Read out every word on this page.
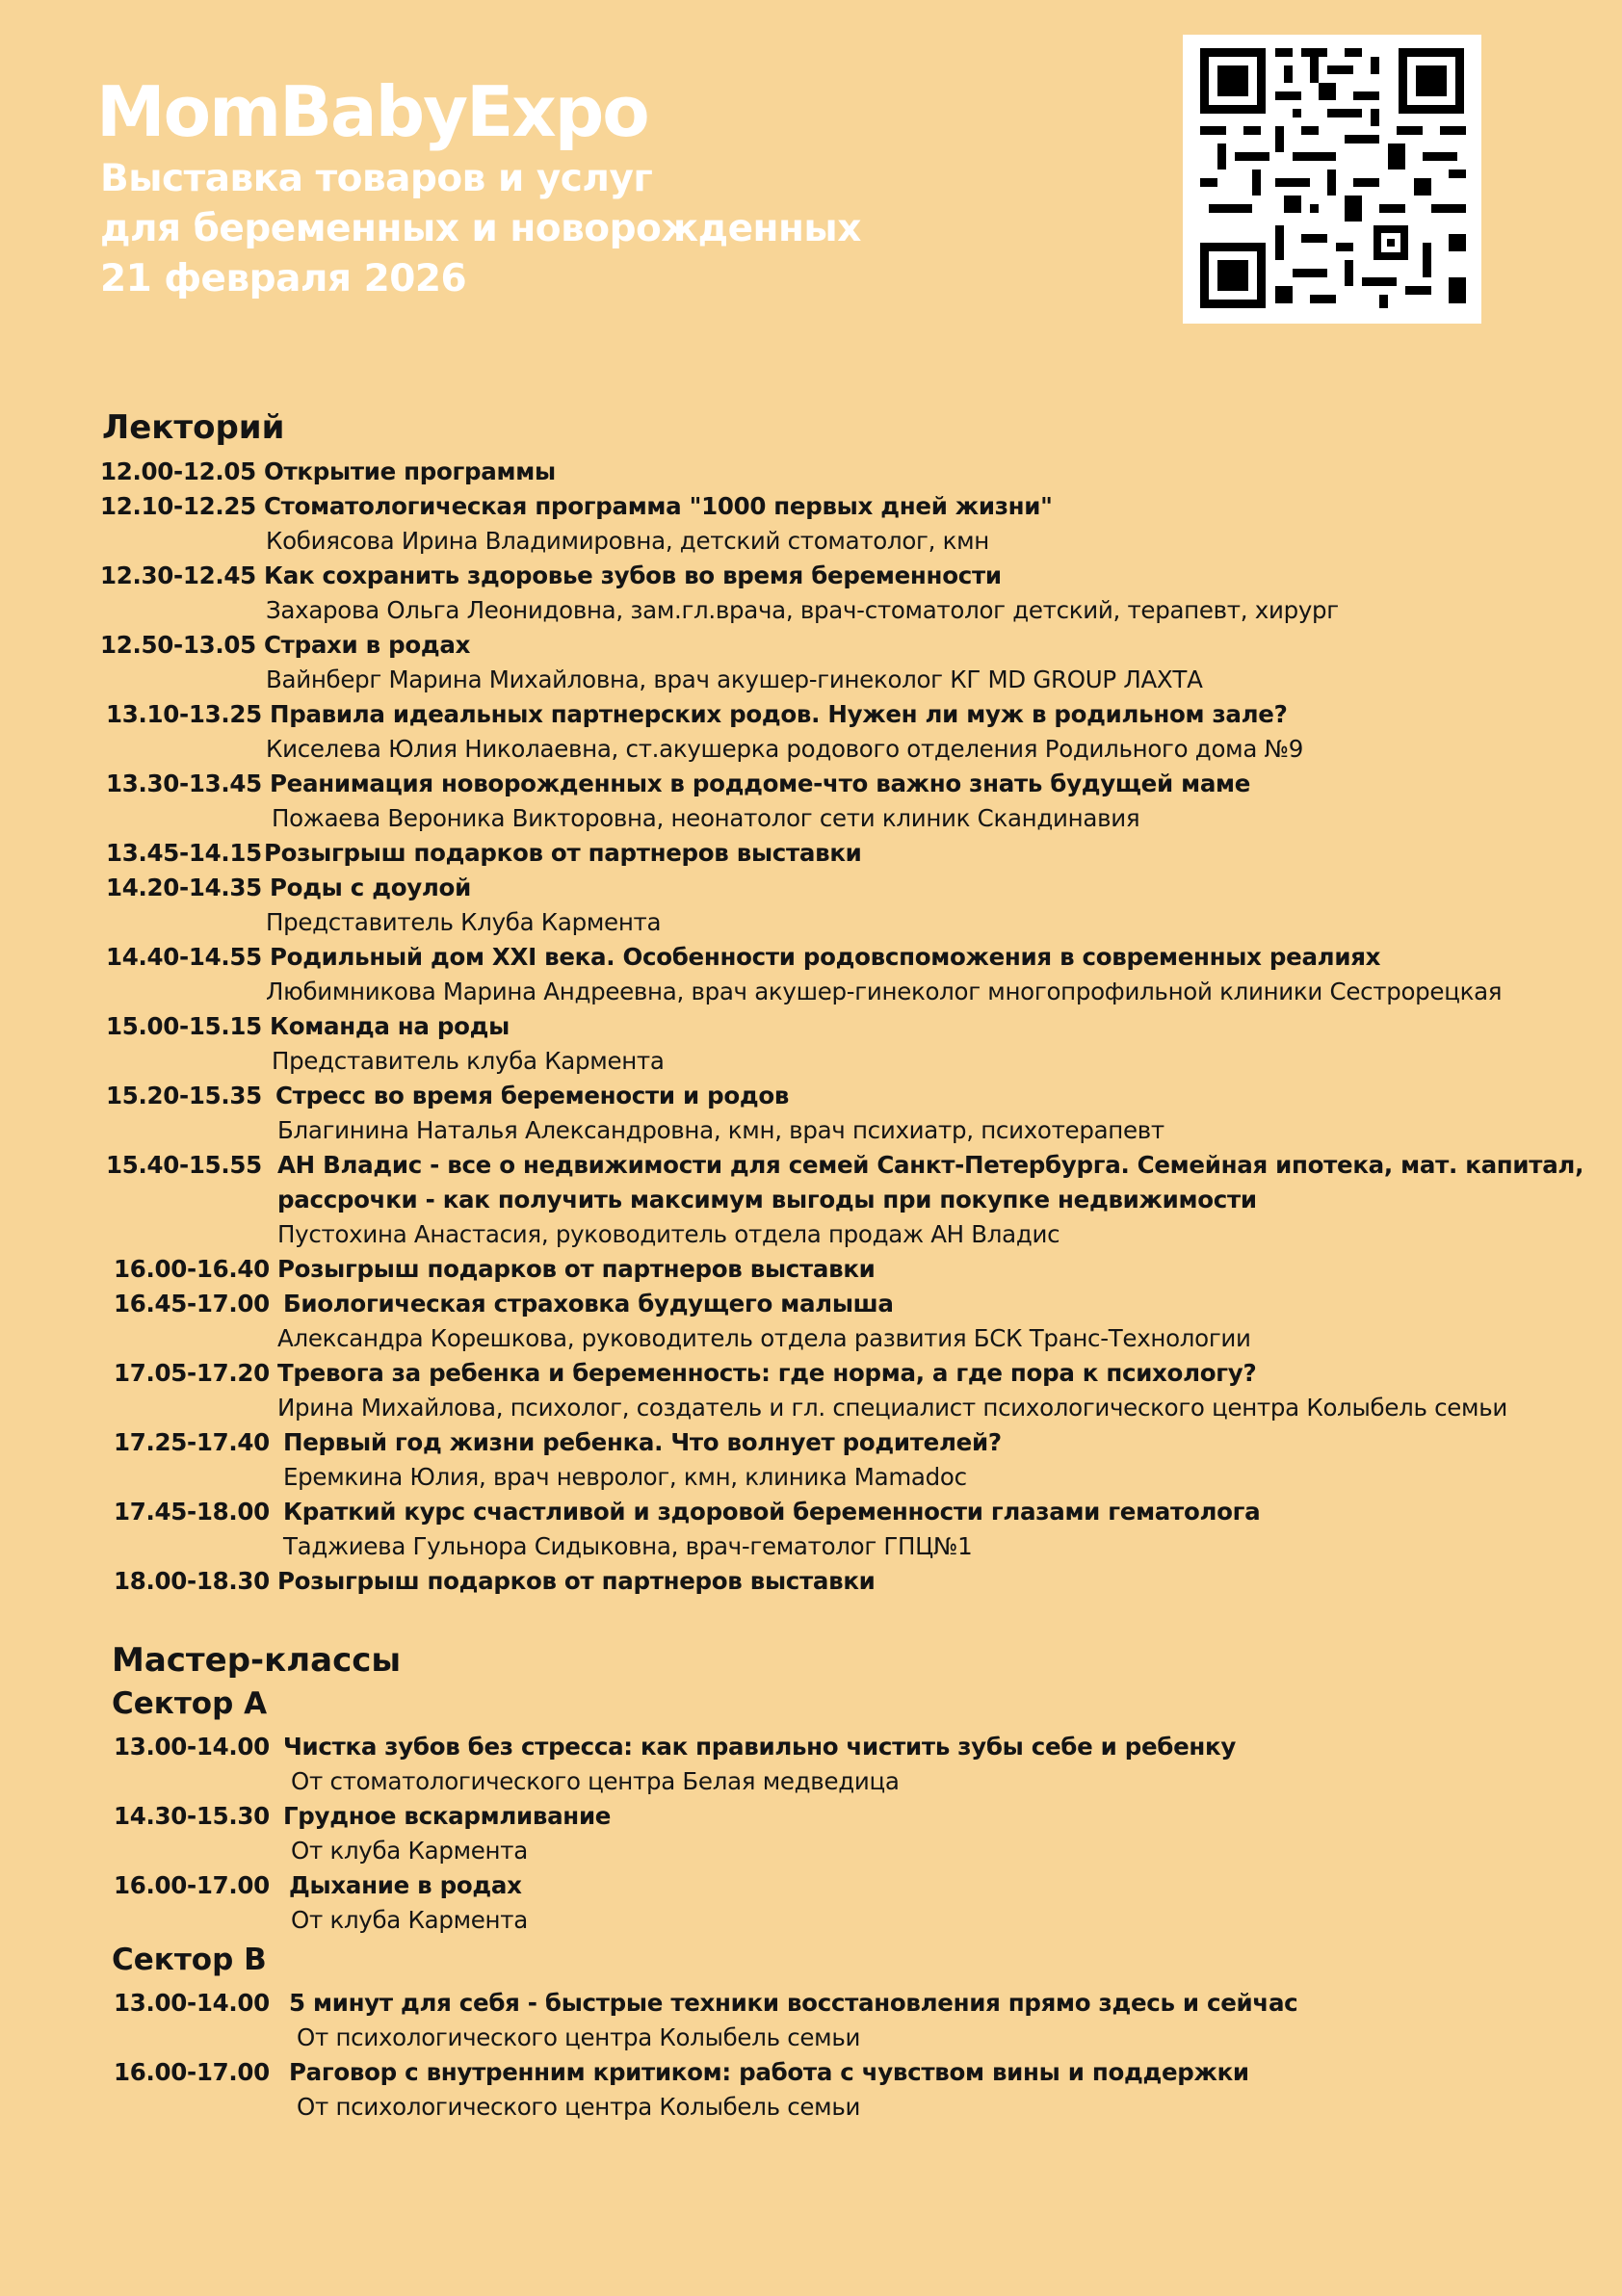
MomBabyExpo
Выставка товаров и услуг
для беременных и новорожденных
21 февраля 2026
Лекторий
12.00-12.05 Открытие программы
12.10-12.25 Стоматологическая программа "1000 первых дней жизни"
Кобиясова Ирина Владимировна, детский стоматолог, кмн
12.30-12.45 Как сохранить здоровье зубов во время беременности
Захарова Ольга Леонидовна, зам.гл.врача, врач-стоматолог детский, терапевт, хирург
12.50-13.05 Страхи в родах
Вайнберг Марина Михайловна, врач акушер-гинеколог КГ MD GROUP ЛАХТА
13.10-13.25 Правила идеальных партнерских родов. Нужен ли муж в родильном зале?
Киселева Юлия Николаевна, ст.акушерка родового отделения Родильного дома №9
13.30-13.45 Реанимация новорожденных в роддоме-что важно знать будущей маме
Пожаева Вероника Викторовна, неонатолог сети клиник Скандинавия
13.45-14.15 Розыгрыш подарков от партнеров выставки
14.20-14.35 Роды с доулой
Представитель Клуба Кармента
14.40-14.55 Родильный дом XXI века. Особенности родовспоможения в современных реалиях
Любимникова Марина Андреевна, врач акушер-гинеколог многопрофильной клиники Сестрорецкая
15.00-15.15 Команда на роды
Представитель клуба Кармента
15.20-15.35 Стресс во время беремености и родов
Благинина Наталья Александровна, кмн, врач психиатр, психотерапевт
15.40-15.55 АН Владис - все о недвижимости для семей Санкт-Петербурга. Семейная ипотека, мат. капитал,
рассрочки - как получить максимум выгоды при покупке недвижимости
Пустохина Анастасия, руководитель отдела продаж АН Владис
16.00-16.40 Розыгрыш подарков от партнеров выставки
16.45-17.00 Биологическая страховка будущего малыша
Александра Корешкова, руководитель отдела развития БСК Транс-Технологии
17.05-17.20 Тревога за ребенка и беременность: где норма, а где пора к психологу?
Ирина Михайлова, психолог, создатель и гл. специалист психологического центра Колыбель семьи
17.25-17.40 Первый год жизни ребенка. Что волнует родителей?
Еремкина Юлия, врач невролог, кмн, клиника Mamadoc
17.45-18.00 Краткий курс счастливой и здоровой беременности глазами гематолога
Таджиева Гульнора Сидыковна, врач-гематолог ГПЦ№1
18.00-18.30 Розыгрыш подарков от партнеров выставки
Мастер-классы
Сектор А
13.00-14.00 Чистка зубов без стресса: как правильно чистить зубы себе и ребенку
От стоматологического центра Белая медведица
14.30-15.30 Грудное вскармливание
От клуба Кармента
16.00-17.00 Дыхание в родах
От клуба Кармента
Сектор В
13.00-14.00 5 минут для себя - быстрые техники восстановления прямо здесь и сейчас
От психологического центра Колыбель семьи
16.00-17.00 Раговор с внутренним критиком: работа с чувством вины и поддержки
От психологического центра Колыбель семьи
